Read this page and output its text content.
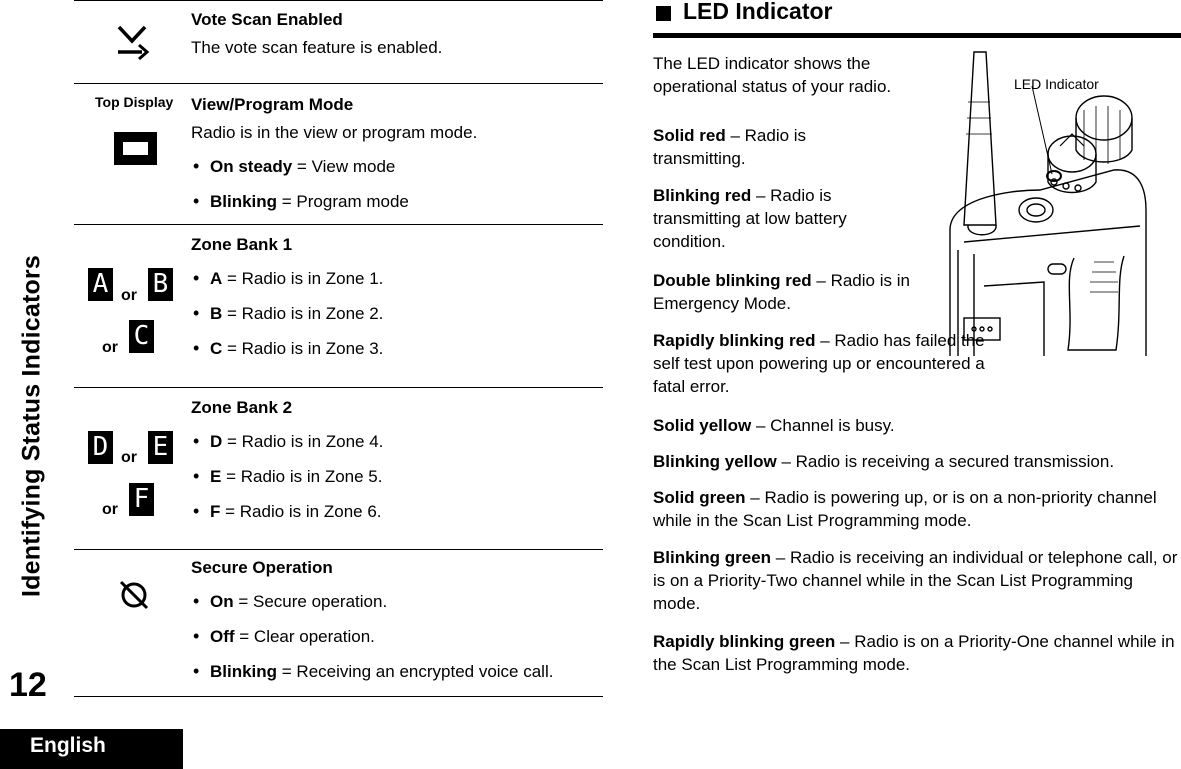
Identifying Status Indicators
12
English
Vote Scan Enabled
The vote scan feature is enabled.
Top Display View/Program Mode
Radio is in the view or program mode.
• On steady = View mode
• Blinking = Program mode
A or B
or C
Zone Bank 1
• A = Radio is in Zone 1.
• B = Radio is in Zone 2.
• C = Radio is in Zone 3.
D or E
or F
Zone Bank 2
• D = Radio is in Zone 4.
• E = Radio is in Zone 5.
• F = Radio is in Zone 6.
Secure Operation
• On = Secure operation.
• Off = Clear operation.
• Blinking = Receiving an encrypted voice call.
LED Indicator
The LED indicator shows the operational status of your radio.
Solid red – Radio is transmitting.
Blinking red – Radio is transmitting at low battery condition.
Double blinking red – Radio is in Emergency Mode.
Rapidly blinking red – Radio has failed the self test upon powering up or encountered a fatal error.
Solid yellow – Channel is busy.
Blinking yellow – Radio is receiving a secured transmission.
Solid green – Radio is powering up, or is on a non-priority channel while in the Scan List Programming mode.
Blinking green – Radio is receiving an individual or telephone call, or is on a Priority-Two channel while in the Scan List Programming mode.
Rapidly blinking green – Radio is on a Priority-One channel while in the Scan List Programming mode.
LED Indicator
